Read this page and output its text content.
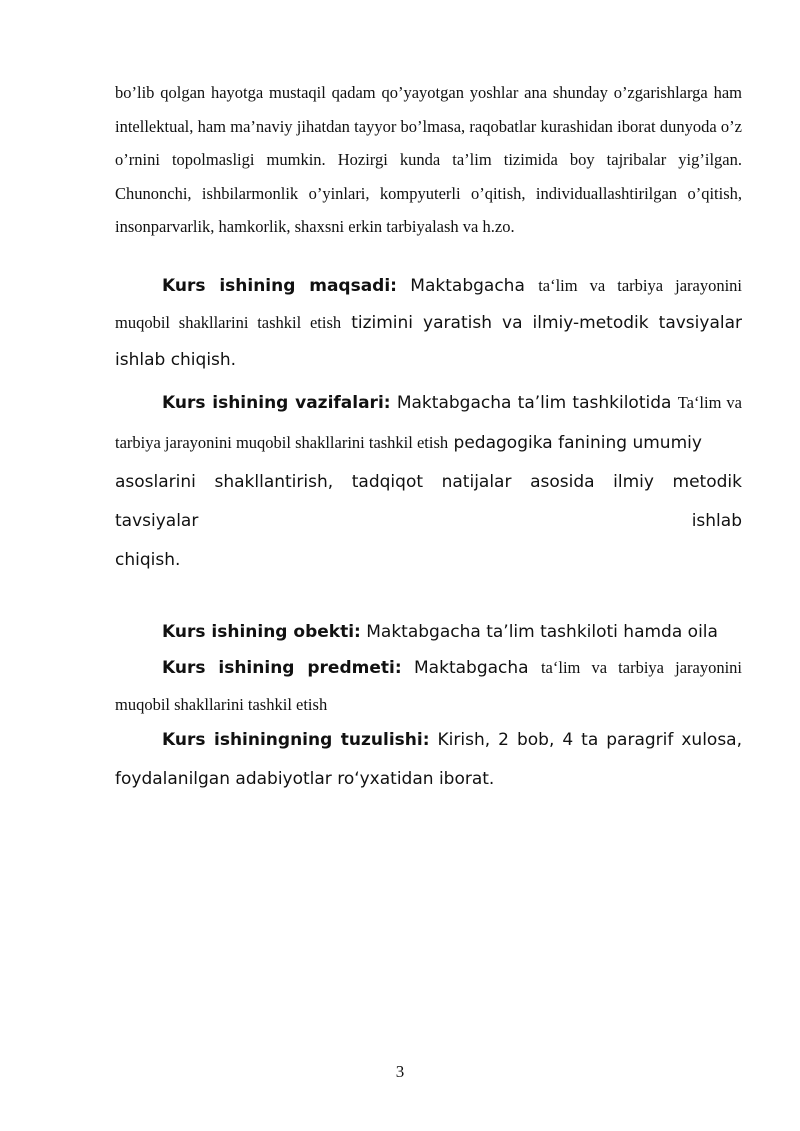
bo’lib qolgan hayotga mustaqil qadam qo’yayotgan yoshlar ana shunday o’zgarishlarga ham intellektual, ham ma’naviy jihatdan tayyor bo’lmasa, raqobatlar kurashidan iborat dunyoda o’z o’rnini topolmasligi mumkin. Hozirgi kunda ta’lim tizimida boy tajribalar yig’ilgan. Chunonchi, ishbilarmonlik o’yinlari, kompyuterli o’qitish, individuallashtirilgan o’qitish, insonparvarlik, hamkorlik, shaxsni erkin tarbiyalash va h.zo.

Kurs ishining maqsadi: Maktabgacha ta‘lim va tarbiya jarayonini muqobil shakllarini tashkil etish tizimini yaratish va ilmiy-metodik tavsiyalar ishlab chiqish.

Kurs ishining vazifalari: Maktabgacha ta’lim tashkilotida Ta‘lim va tarbiya jarayonini muqobil shakllarini tashkil etish pedagogika fanining umumiy
asoslarini shakllantirish, tadqiqot natijalar asosida ilmiy metodik tavsiyalar ishlab
chiqish.

Kurs ishining obekti: Maktabgacha ta’lim tashkiloti hamda oila

Kurs ishining predmeti: Maktabgacha ta‘lim va tarbiya jarayonini muqobil shakllarini tashkil etish

Kurs ishiningning tuzulishi: Kirish, 2 bob, 4 ta paragrif xulosa, foydalanilgan adabiyotlar ro‘yxatidan iborat.

3
